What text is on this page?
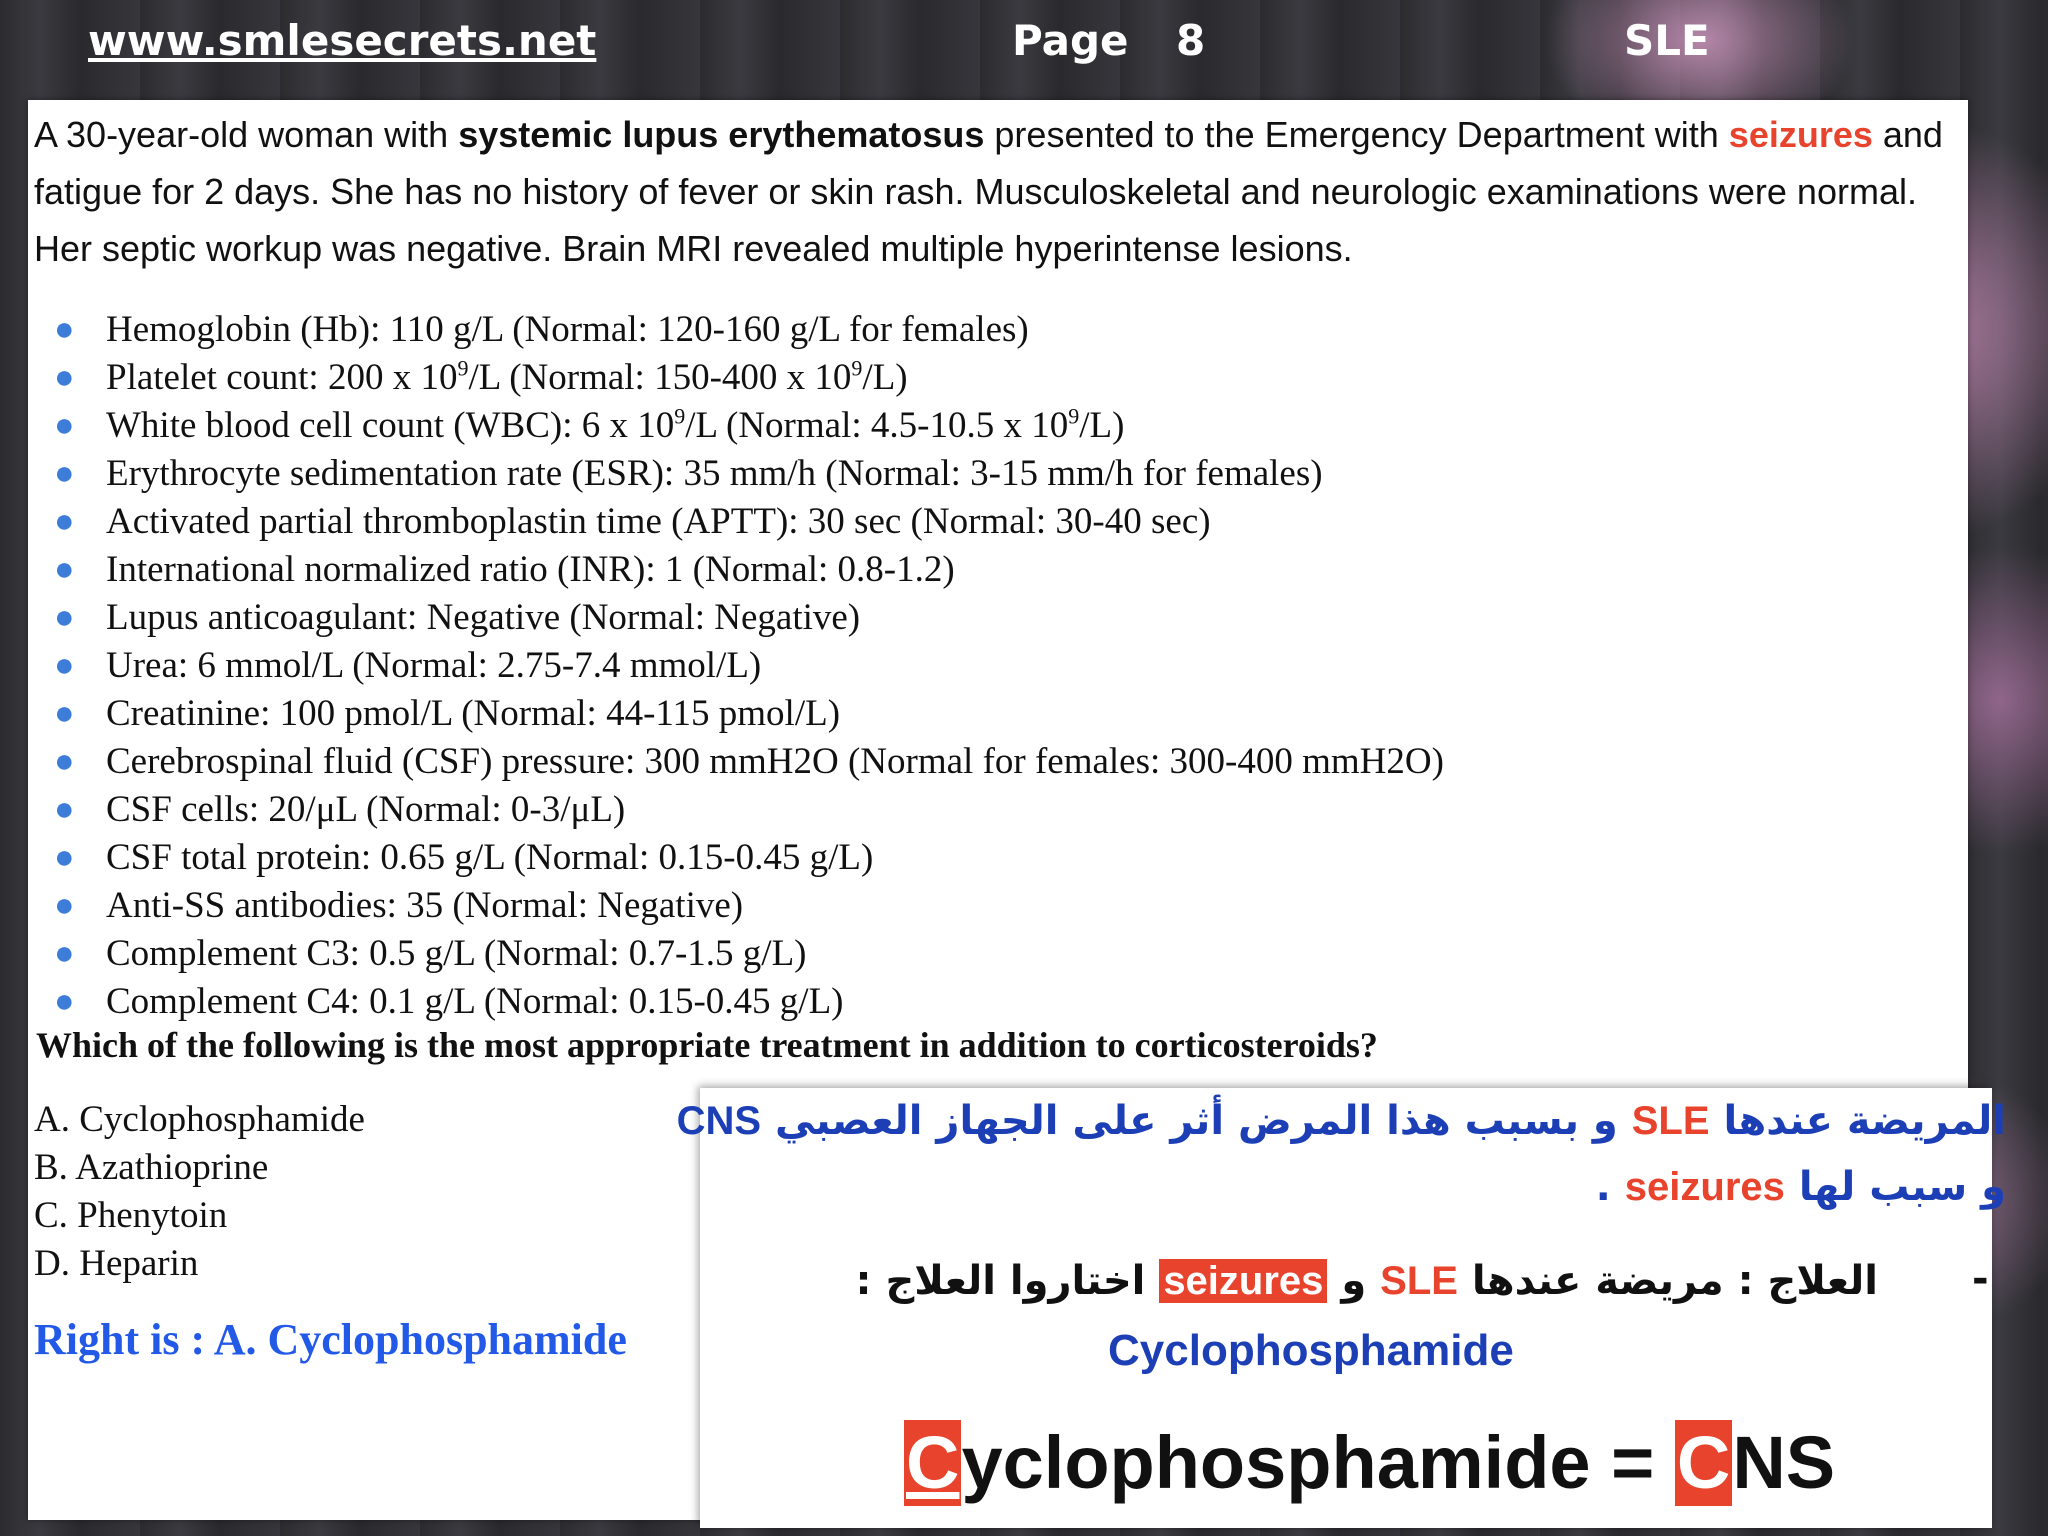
www.smlesecrets.net	Page 8	SLE
A 30-year-old woman with systemic lupus erythematosus presented to the Emergency Department with seizures and fatigue for 2 days. She has no history of fever or skin rash. Musculoskeletal and neurologic examinations were normal. Her septic workup was negative. Brain MRI revealed multiple hyperintense lesions.
● Hemoglobin (Hb): 110 g/L (Normal: 120-160 g/L for females)
● Platelet count: 200 x $10^9/L$ (Normal: 150-400 x $10^9/L$)
● White blood cell count (WBC): 6 x $10^9/L$ (Normal: 4.5-10.5 x $10^9/L$)
● Erythrocyte sedimentation rate (ESR): 35 mm/h (Normal: 3-15 mm/h for females)
● Activated partial thromboplastin time (APTT): 30 sec (Normal: 30-40 sec)
● International normalized ratio (INR): 1 (Normal: 0.8-1.2)
● Lupus anticoagulant: Negative (Normal: Negative)
● Urea: 6 mmol/L (Normal: 2.75-7.4 mmol/L)
● Creatinine: 100 pmol/L (Normal: 44-115 pmol/L)
● Cerebrospinal fluid (CSF) pressure: 300 mmH2O (Normal for females: 300-400 mmH2O)
● CSF cells: 20/μL (Normal: 0-3/μL)
● CSF total protein: 0.65 g/L (Normal: 0.15-0.45 g/L)
● Anti-SS antibodies: 35 (Normal: Negative)
● Complement C3: 0.5 g/L (Normal: 0.7-1.5 g/L)
● Complement C4: 0.1 g/L (Normal: 0.15-0.45 g/L)
Which of the following is the most appropriate treatment in addition to corticosteroids?
A. Cyclophosphamide
B. Azathioprine
C. Phenytoin
D. Heparin
Right is : A. Cyclophosphamide
المريضة عندها SLE و بسبب هذا المرض أثر على الجهاز العصبي CNS
و سبب لها seizures .
-
العلاج : مريضة عندها SLE و seizures اختاروا العلاج :
Cyclophosphamide
Cyclophosphamide = CNS
